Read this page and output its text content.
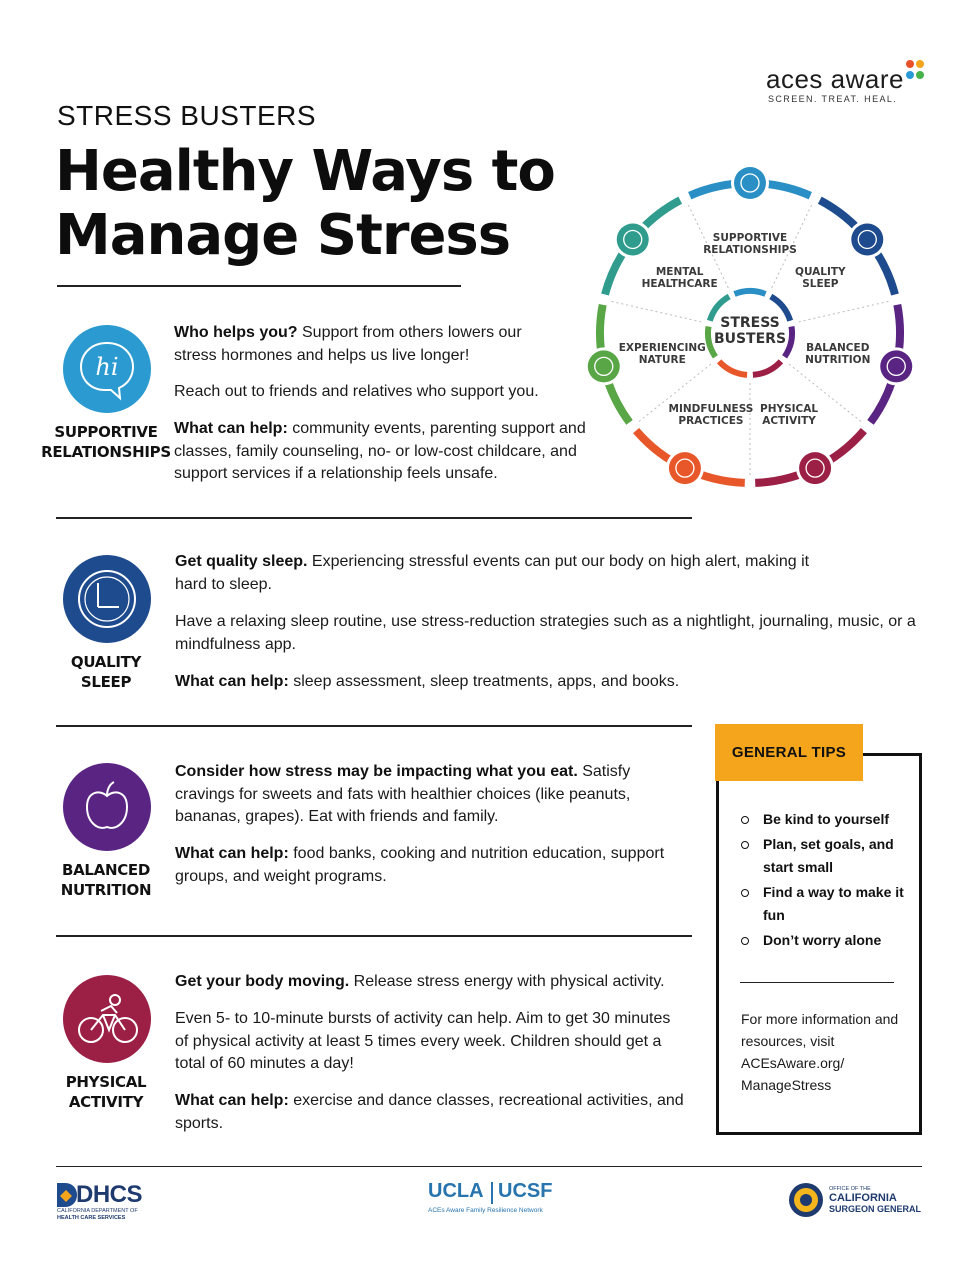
STRESS BUSTERS
Healthy Ways to
Manage Stress
aces aware
SCREEN. TREAT. HEAL.
STRESS
BUSTERS
SUPPORTIVE
RELATIONSHIPS
QUALITY
SLEEP
BALANCED
NUTRITION
PHYSICAL
ACTIVITY
MINDFULNESS
PRACTICES
EXPERIENCING
NATURE
MENTAL
HEALTHCARE
hi
SUPPORTIVE
RELATIONSHIPS
Who helps you? Support from others lowers our stress hormones and helps us live longer!
Reach out to friends and relatives who support you.
What can help: community events, parenting support and classes, family counseling, no- or low-cost childcare, and support services if a relationship feels unsafe.
QUALITY
SLEEP
Get quality sleep. Experiencing stressful events can put our body on high alert, making it hard to sleep.
Have a relaxing sleep routine, use stress-reduction strategies such as a nightlight, journaling, music, or a mindfulness app.
What can help: sleep assessment, sleep treatments, apps, and books.
BALANCED
NUTRITION
Consider how stress may be impacting what you eat. Satisfy cravings for sweets and fats with healthier choices (like peanuts, bananas, grapes). Eat with friends and family.
What can help: food banks, cooking and nutrition education, support groups, and weight programs.
PHYSICAL
ACTIVITY
Get your body moving. Release stress energy with physical activity.
Even 5- to 10-minute bursts of activity can help. Aim to get 30 minutes of physical activity at least 5 times every week. Children should get a total of 60 minutes a day!
What can help: exercise and dance classes, recreational activities, and sports.
GENERAL TIPS
Be kind to yourself
Plan, set goals, and start small
Find a way to make it fun
Don’t worry alone
For more information and resources, visit ACEsAware.org/ ManageStress
DHCS
CALIFORNIA DEPARTMENT OF
HEALTH CARE SERVICES
UCLA UCSF
ACEs Aware Family Resilience Network
OFFICE OF THE
CALIFORNIA
SURGEON GENERAL
